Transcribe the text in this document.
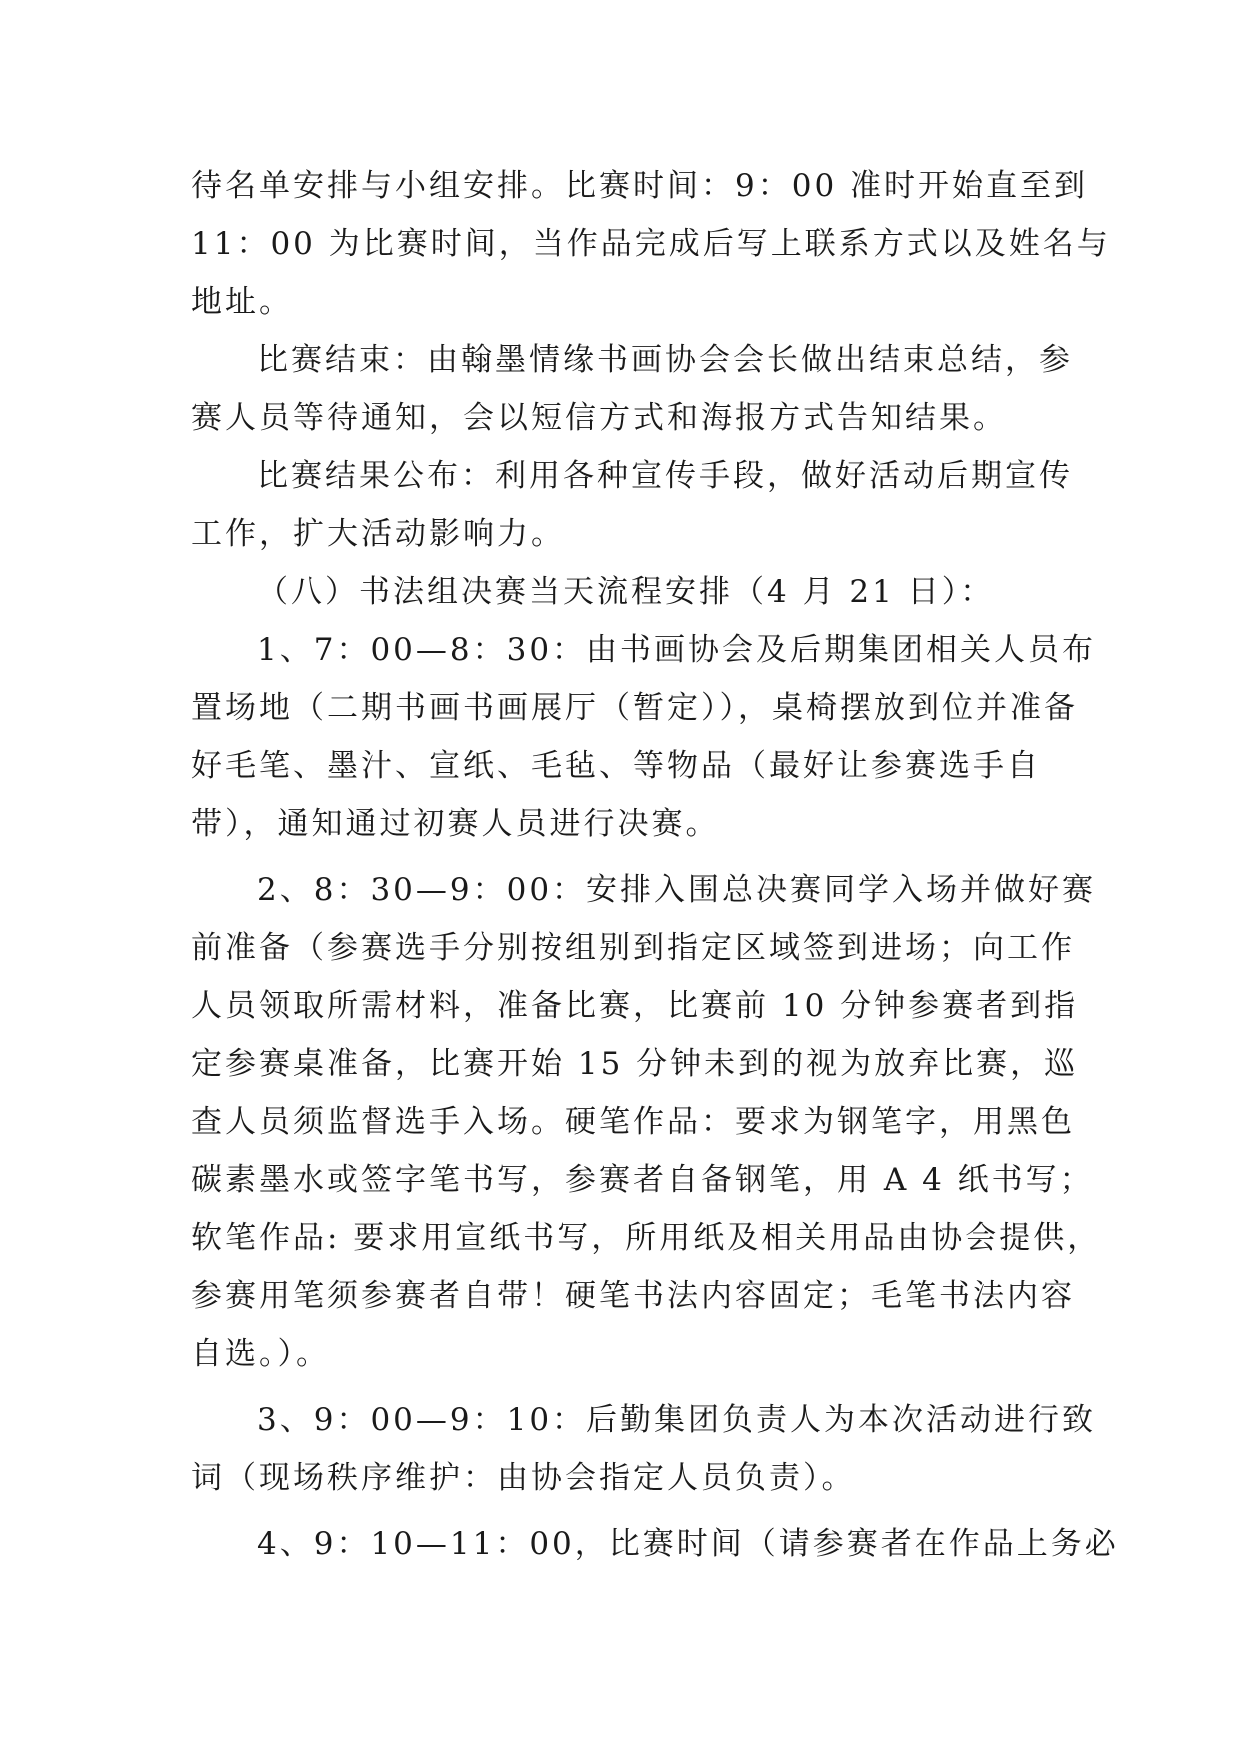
待名单安排与小组安排。比赛时间：9：00 准时开始直至到
11：00 为比赛时间，当作品完成后写上联系方式以及姓名与
地址。
比赛结束：由翰墨情缘书画协会会长做出结束总结，参
赛人员等待通知，会以短信方式和海报方式告知结果。
比赛结果公布：利用各种宣传手段，做好活动后期宣传
工作，扩大活动影响力。
（八）书法组决赛当天流程安排（4 月 21 日）：
1、7：00—8：30：由书画协会及后期集团相关人员布
置场地（二期书画书画展厅（暂定）），桌椅摆放到位并准备
好毛笔、墨汁、宣纸、毛毡、等物品（最好让参赛选手自
带），通知通过初赛人员进行决赛。
2、8：30—9：00：安排入围总决赛同学入场并做好赛
前准备（参赛选手分别按组别到指定区域签到进场；向工作
人员领取所需材料，准备比赛，比赛前 10 分钟参赛者到指
定参赛桌准备，比赛开始 15 分钟未到的视为放弃比赛，巡
查人员须监督选手入场。硬笔作品：要求为钢笔字，用黑色
碳素墨水或签字笔书写，参赛者自备钢笔，用 A 4 纸书写；
软笔作品: 要求用宣纸书写，所用纸及相关用品由协会提供，
参赛用笔须参赛者自带！硬笔书法内容固定；毛笔书法内容
自选。）。
3、9：00—9：10：后勤集团负责人为本次活动进行致
词（现场秩序维护：由协会指定人员负责）。
4、9：10—11：00，比赛时间（请参赛者在作品上务必
